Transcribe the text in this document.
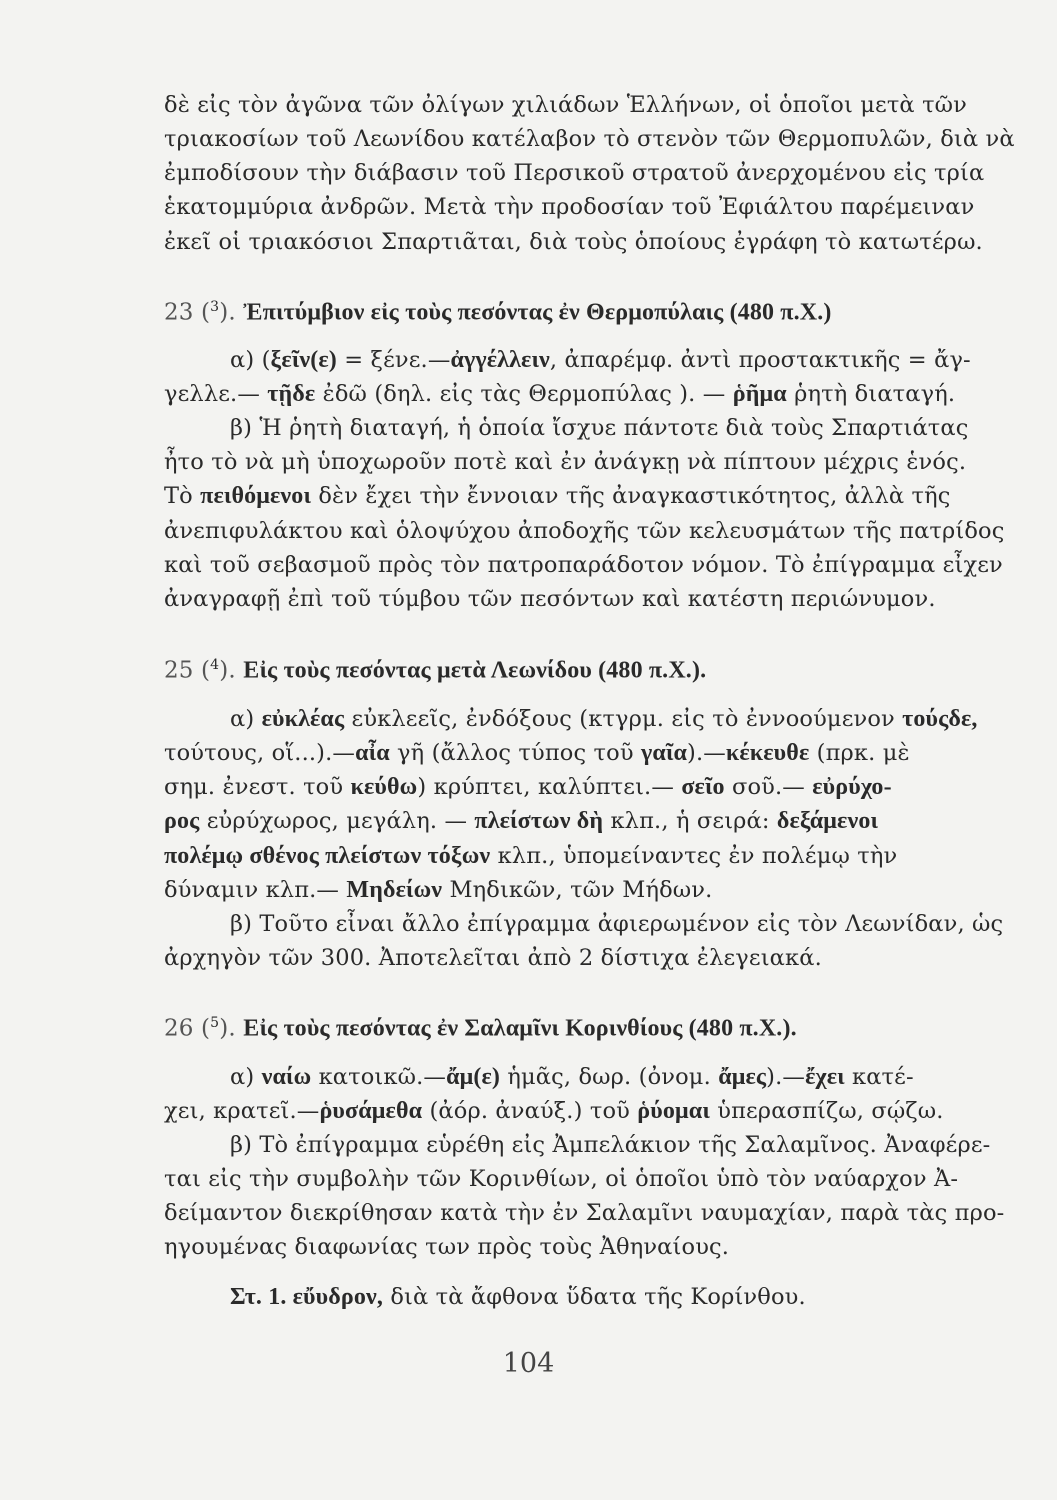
δὲ εἰς τὸν ἀγῶνα τῶν ὀλίγων χιλιάδων Ἑλλήνων, οἱ ὁποῖοι μετὰ τῶν
τριακοσίων τοῦ Λεωνίδου κατέλαβον τὸ στενὸν τῶν Θερμοπυλῶν, διὰ νὰ
ἐμποδίσουν τὴν διάβασιν τοῦ Περσικοῦ στρατοῦ ἀνερχομένου εἰς τρία
ἑκατομμύρια ἀνδρῶν. Μετὰ τὴν προδοσίαν τοῦ Ἐφιάλτου παρέμειναν
ἐκεῖ οἱ τριακόσιοι Σπαρτιᾶται, διὰ τοὺς ὁποίους ἐγράφη τὸ κατωτέρω.
23 ($^3$). Ἐπιτύμβιον εἰς τοὺς πεσόντας ἐν Θερμοπύλαις (480 π.Χ.)
α) (ξεῖν(ε) = ξένε.—ἀγγέλλειν, ἀπαρέμφ. ἀντὶ προστακτικῆς = ἄγ-
γελλε.— τῇδε ἐδῶ (δηλ. εἰς τὰς Θερμοπύλας ). — ῥῆμα ῥητὴ διαταγή.
β) Ἡ ῥητὴ διαταγή, ἡ ὁποία ἴσχυε πάντοτε διὰ τοὺς Σπαρτιάτας
ἦτο τὸ νὰ μὴ ὑποχωροῦν ποτὲ καὶ ἐν ἀνάγκῃ νὰ πίπτουν μέχρις ἑνός.
Τὸ πειθόμενοι δὲν ἔχει τὴν ἔννοιαν τῆς ἀναγκαστικότητος, ἀλλὰ τῆς
ἀνεπιφυλάκτου καὶ ὁλοψύχου ἀποδοχῆς τῶν κελευσμάτων τῆς πατρίδος
καὶ τοῦ σεβασμοῦ πρὸς τὸν πατροπαράδοτον νόμον. Τὸ ἐπίγραμμα εἶχεν
ἀναγραφῇ ἐπὶ τοῦ τύμβου τῶν πεσόντων καὶ κατέστη περιώνυμον.
25 ($^4$). Εἰς τοὺς πεσόντας μετὰ Λεωνίδου (480 π.Χ.).
α) εὐκλέας εὐκλεεῖς, ἐνδόξους (κτγρμ. εἰς τὸ ἐννοούμενον τούςδε,
τούτους, οἵ...).—αἶα γῆ (ἄλλος τύπος τοῦ γαῖα).—κέκευθε (πρκ. μὲ
σημ. ἐνεστ. τοῦ κεύθω) κρύπτει, καλύπτει.— σεῖο σοῦ.— εὐρύχο-
ρος εὐρύχωρος, μεγάλη. — πλείστων δὴ κλπ., ἡ σειρά: δεξάμενοι
πολέμῳ σθένος πλείστων τόξων κλπ., ὑπομείναντες ἐν πολέμῳ τὴν
δύναμιν κλπ.— Μηδείων Μηδικῶν, τῶν Μήδων.
β) Τοῦτο εἶναι ἄλλο ἐπίγραμμα ἀφιερωμένον εἰς τὸν Λεωνίδαν, ὡς
ἀρχηγὸν τῶν 300. Ἀποτελεῖται ἀπὸ 2 δίστιχα ἐλεγειακά.
26 ($^5$). Εἰς τοὺς πεσόντας ἐν Σαλαμῖνι Κορινθίους (480 π.Χ.).
α) ναίω κατοικῶ.—ἄμ(ε) ἡμᾶς, δωρ. (ὀνομ. ἄμες).—ἔχει κατέ-
χει, κρατεῖ.—ῥυσάμεθα (ἀόρ. ἀναύξ.) τοῦ ῥύομαι ὑπερασπίζω, σῴζω.
β) Τὸ ἐπίγραμμα εὑρέθη εἰς Ἀμπελάκιον τῆς Σαλαμῖνος. Ἀναφέρε-
ται εἰς τὴν συμβολὴν τῶν Κορινθίων, οἱ ὁποῖοι ὑπὸ τὸν ναύαρχον Ἀ-
δείμαντον διεκρίθησαν κατὰ τὴν ἐν Σαλαμῖνι ναυμαχίαν, παρὰ τὰς προ-
ηγουμένας διαφωνίας των πρὸς τοὺς Ἀθηναίους.
Στ. 1. εὔυδρον, διὰ τὰ ἄφθονα ὕδατα τῆς Κορίνθου.
104
